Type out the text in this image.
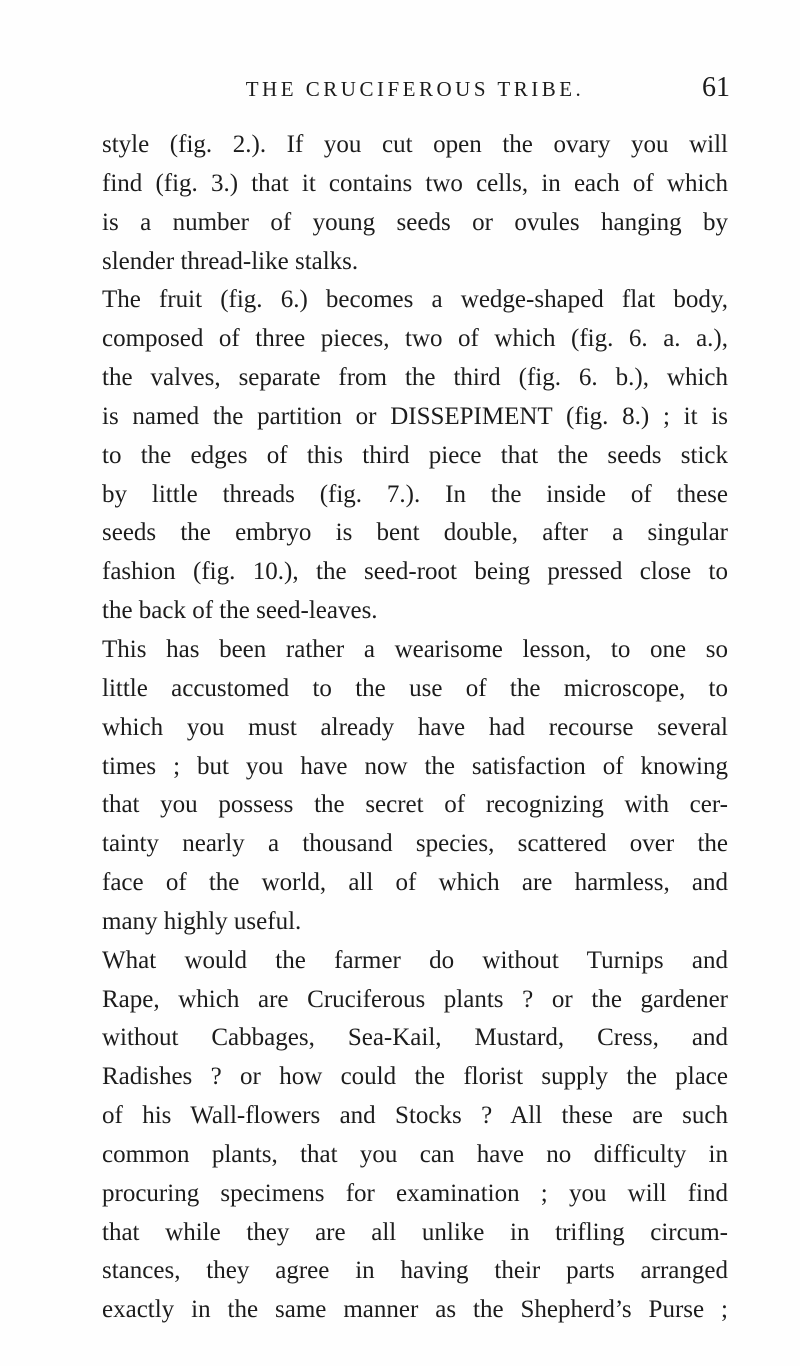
THE CRUCIFEROUS TRIBE.	61
style (fig. 2.). If you cut open the ovary you will
find (fig. 3.) that it contains two cells, in each of which
is a number of young seeds or ovules hanging by
slender thread-like stalks.
The fruit (fig. 6.) becomes a wedge-shaped flat body,
composed of three pieces, two of which (fig. 6. a. a.),
the valves, separate from the third (fig. 6. b.), which
is named the partition or DISSEPIMENT (fig. 8.) ; it is
to the edges of this third piece that the seeds stick
by little threads (fig. 7.). In the inside of these
seeds the embryo is bent double, after a singular
fashion (fig. 10.), the seed-root being pressed close to
the back of the seed-leaves.
This has been rather a wearisome lesson, to one so
little accustomed to the use of the microscope, to
which you must already have had recourse several
times ; but you have now the satisfaction of knowing
that you possess the secret of recognizing with cer-
tainty nearly a thousand species, scattered over the
face of the world, all of which are harmless, and
many highly useful.
What would the farmer do without Turnips and
Rape, which are Cruciferous plants ? or the gardener
without Cabbages, Sea-Kail, Mustard, Cress, and
Radishes ? or how could the florist supply the place
of his Wall-flowers and Stocks ? All these are such
common plants, that you can have no difficulty in
procuring specimens for examination ; you will find
that while they are all unlike in trifling circum-
stances, they agree in having their parts arranged
exactly in the same manner as the Shepherd’s Purse ;
